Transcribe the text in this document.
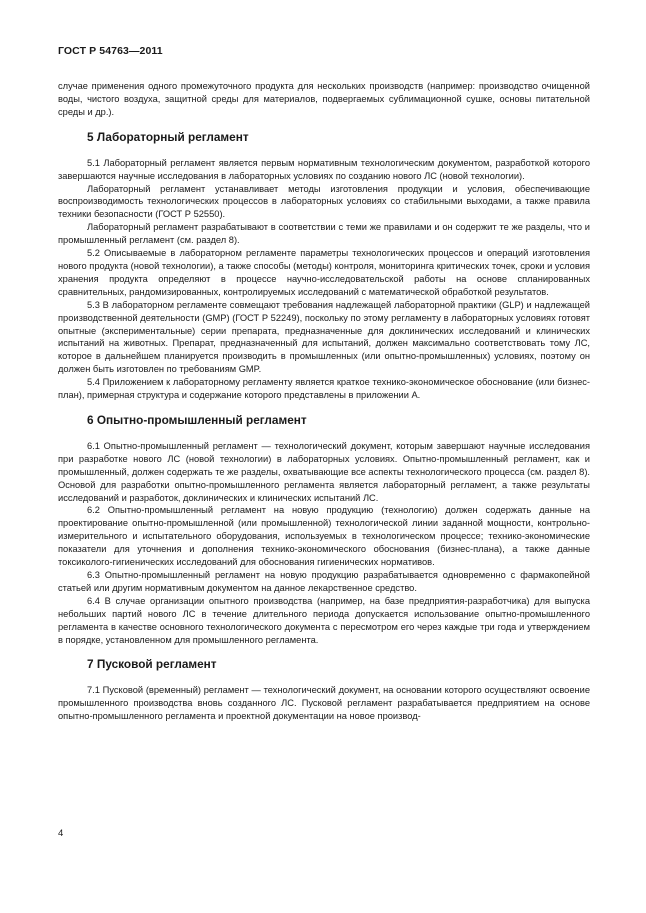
ГОСТ Р 54763—2011

случае применения одного промежуточного продукта для нескольких производств (например: производство очищенной воды, чистого воздуха, защитной среды для материалов, подвергаемых сублимационной сушке, основы питательной среды и др.).

5 Лабораторный регламент

5.1 Лабораторный регламент является первым нормативным технологическим документом, разработкой которого завершаются научные исследования в лабораторных условиях по созданию нового ЛС (новой технологии).

Лабораторный регламент устанавливает методы изготовления продукции и условия, обеспечивающие воспроизводимость технологических процессов в лабораторных условиях со стабильными выходами, а также правила техники безопасности (ГОСТ Р 52550).

Лабораторный регламент разрабатывают в соответствии с теми же правилами и он содержит те же разделы, что и промышленный регламент (см. раздел 8).

5.2 Описываемые в лабораторном регламенте параметры технологических процессов и операций изготовления нового продукта (новой технологии), а также способы (методы) контроля, мониторинга критических точек, сроки и условия хранения продукта определяют в процессе научно-исследовательской работы на основе спланированных сравнительных, рандомизированных, контролируемых исследований с математической обработкой результатов.

5.3 В лабораторном регламенте совмещают требования надлежащей лабораторной практики (GLP) и надлежащей производственной деятельности (GMP) (ГОСТ Р 52249), поскольку по этому регламенту в лабораторных условиях готовят опытные (экспериментальные) серии препарата, предназначенные для доклинических исследований и клинических испытаний на животных. Препарат, предназначенный для испытаний, должен максимально соответствовать тому ЛС, которое в дальнейшем планируется производить в промышленных (или опытно-промышленных) условиях, поэтому он должен быть изготовлен по требованиям GMP.

5.4 Приложением к лабораторному регламенту является краткое технико-экономическое обоснование (или бизнес-план), примерная структура и содержание которого представлены в приложении А.

6 Опытно-промышленный регламент

6.1 Опытно-промышленный регламент — технологический документ, которым завершают научные исследования при разработке нового ЛС (новой технологии) в лабораторных условиях. Опытно-промышленный регламент, как и промышленный, должен содержать те же разделы, охватывающие все аспекты технологического процесса (см. раздел 8). Основой для разработки опытно-промышленного регламента является лабораторный регламент, а также результаты исследований и разработок, доклинических и клинических испытаний ЛС.

6.2 Опытно-промышленный регламент на новую продукцию (технологию) должен содержать данные на проектирование опытно-промышленной (или промышленной) технологической линии заданной мощности, контрольно-измерительного и испытательного оборудования, используемых в технологическом процессе; технико-экономические показатели для уточнения и дополнения технико-экономического обоснования (бизнес-плана), а также данные токсиколого-гигиенических исследований для обоснования гигиенических нормативов.

6.3 Опытно-промышленный регламент на новую продукцию разрабатывается одновременно с фармакопейной статьей или другим нормативным документом на данное лекарственное средство.

6.4 В случае организации опытного производства (например, на базе предприятия-разработчика) для выпуска небольших партий нового ЛС в течение длительного периода допускается использование опытно-промышленного регламента в качестве основного технологического документа с пересмотром его через каждые три года и утверждением в порядке, установленном для промышленного регламента.

7 Пусковой регламент

7.1 Пусковой (временный) регламент — технологический документ, на основании которого осуществляют освоение промышленного производства вновь созданного ЛС. Пусковой регламент разрабатывается предприятием на основе опытно-промышленного регламента и проектной документации на новое производ-

4
